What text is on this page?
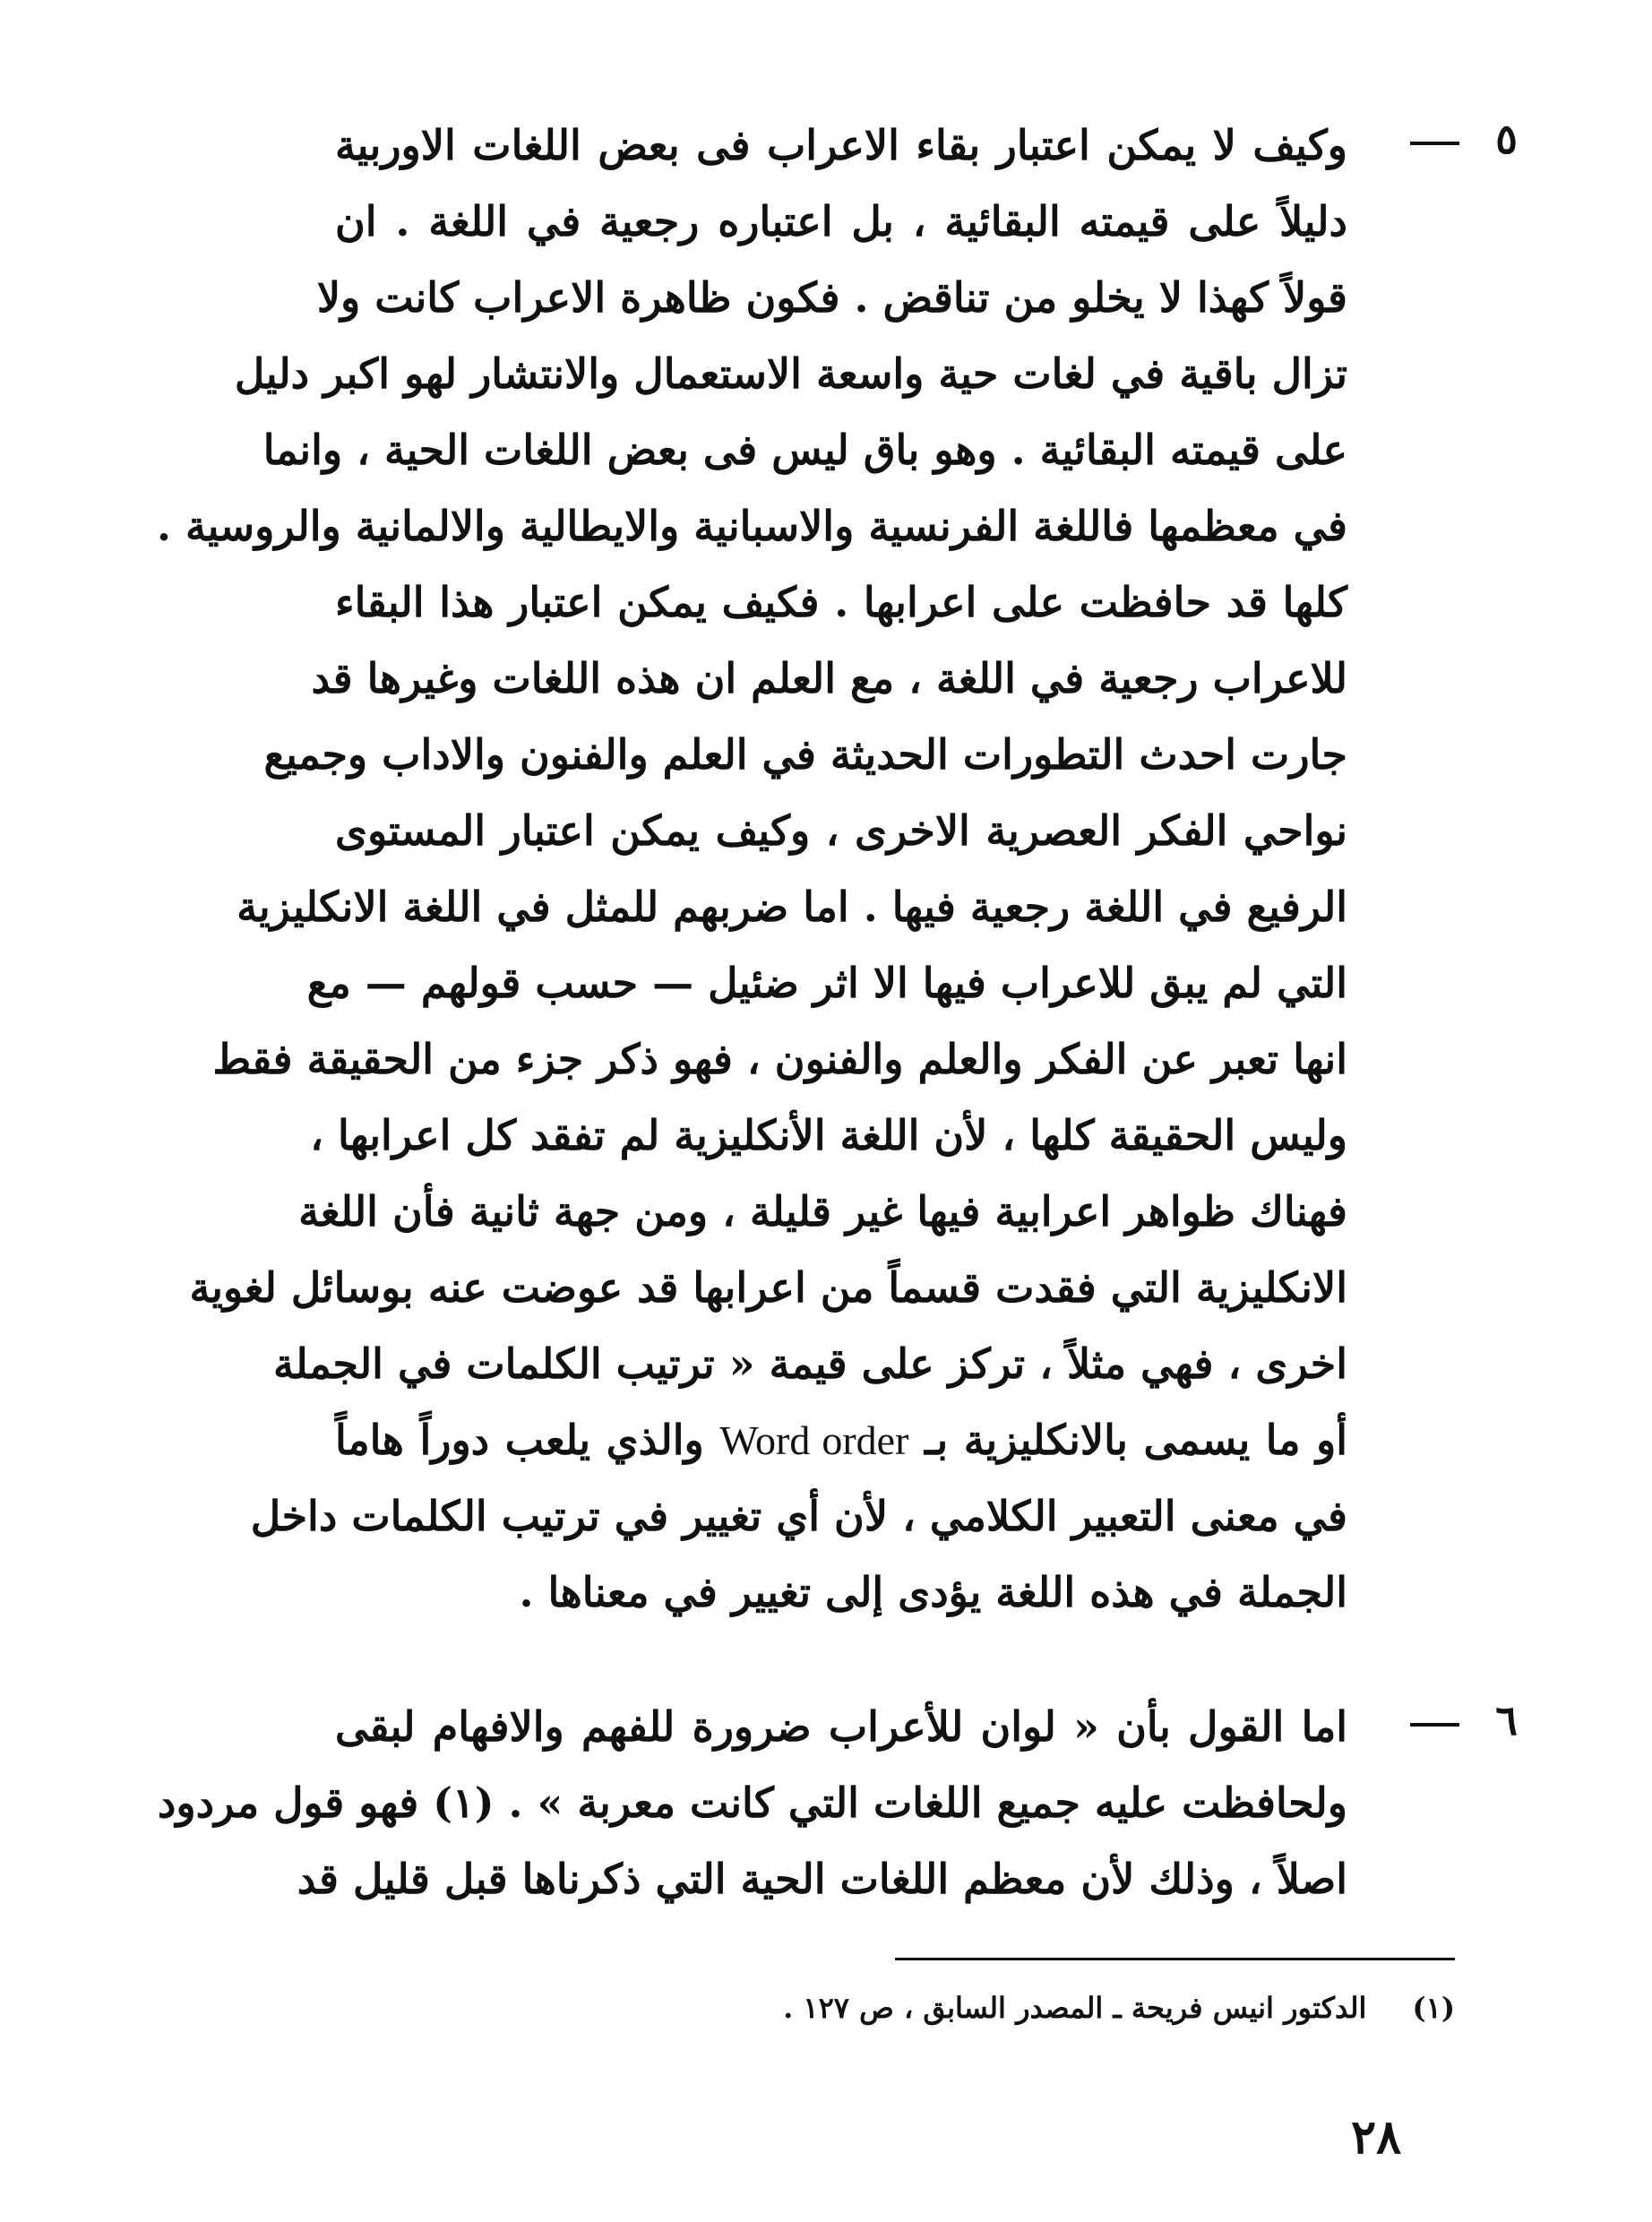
٥
وكيف لا يمكن اعتبار بقاء الاعراب فى بعض اللغات الاوربية
دليلاً على قيمته البقائية ، بل اعتباره رجعية في اللغة . ان
قولاً كهذا لا يخلو من تناقض . فكون ظاهرة الاعراب كانت ولا
تزال باقية في لغات حية واسعة الاستعمال والانتشار لهو اكبر دليل
على قيمته البقائية . وهو باق ليس فى بعض اللغات الحية ، وانما
في معظمها فاللغة الفرنسية والاسبانية والايطالية والالمانية والروسية .
كلها قد حافظت على اعرابها . فكيف يمكن اعتبار هذا البقاء
للاعراب رجعية في اللغة ، مع العلم ان هذه اللغات وغيرها قد
جارت احدث التطورات الحديثة في العلم والفنون والاداب وجميع
نواحي الفكر العصرية الاخرى ، وكيف يمكن اعتبار المستوى
الرفيع في اللغة رجعية فيها . اما ضربهم للمثل في اللغة الانكليزية
التي لم يبق للاعراب فيها الا اثر ضئيل — حسب قولهم — مع
انها تعبر عن الفكر والعلم والفنون ، فهو ذكر جزء من الحقيقة فقط
وليس الحقيقة كلها ، لأن اللغة الأنكليزية لم تفقد كل اعرابها ،
فهناك ظواهر اعرابية فيها غير قليلة ، ومن جهة ثانية فأن اللغة
الانكليزية التي فقدت قسماً من اعرابها قد عوضت عنه بوسائل لغوية
اخرى ، فهي مثلاً ، تركز على قيمة « ترتيب الكلمات في الجملة
أو ما يسمى بالانكليزية بـ Word order والذي يلعب دوراً هاماً
في معنى التعبير الكلامي ، لأن أي تغيير في ترتيب الكلمات داخل
الجملة في هذه اللغة يؤدى إلى تغيير في معناها .
٦
اما القول بأن « لوان للأعراب ضرورة للفهم والافهام لبقى
ولحافظت عليه جميع اللغات التي كانت معربة » . (١) فهو قول مردود
اصلاً ، وذلك لأن معظم اللغات الحية التي ذكرناها قبل قليل قد
(١) الدكتور انيس فريحة ـ المصدر السابق ، ص ١٢٧ .
٢٨
